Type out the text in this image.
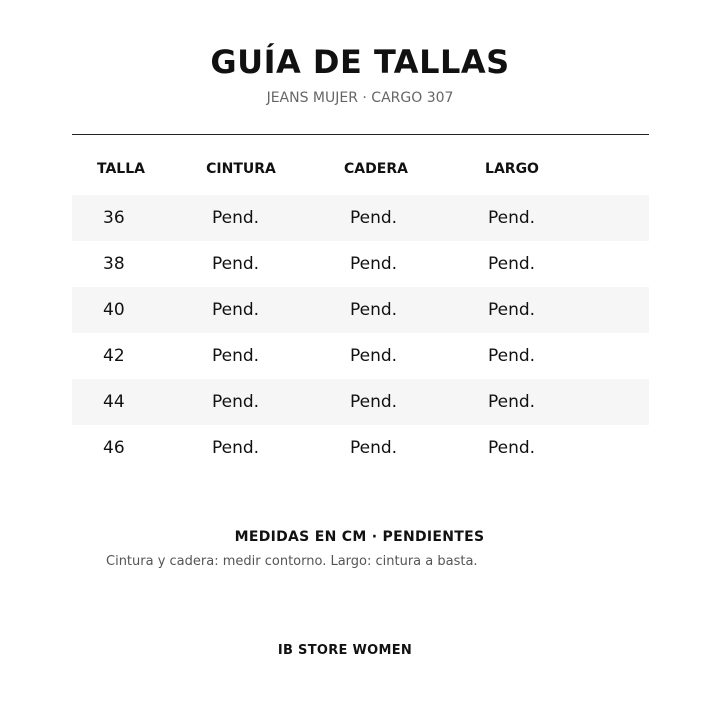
GUÍA DE TALLAS
JEANS MUJER · CARGO 307
TALLA	CINTURA	CADERA	LARGO
36	Pend.	Pend.	Pend.
38	Pend.	Pend.	Pend.
40	Pend.	Pend.	Pend.
42	Pend.	Pend.	Pend.
44	Pend.	Pend.	Pend.
46	Pend.	Pend.	Pend.
MEDIDAS EN CM · PENDIENTES
Cintura y cadera: medir contorno. Largo: cintura a basta.
IB STORE WOMEN
